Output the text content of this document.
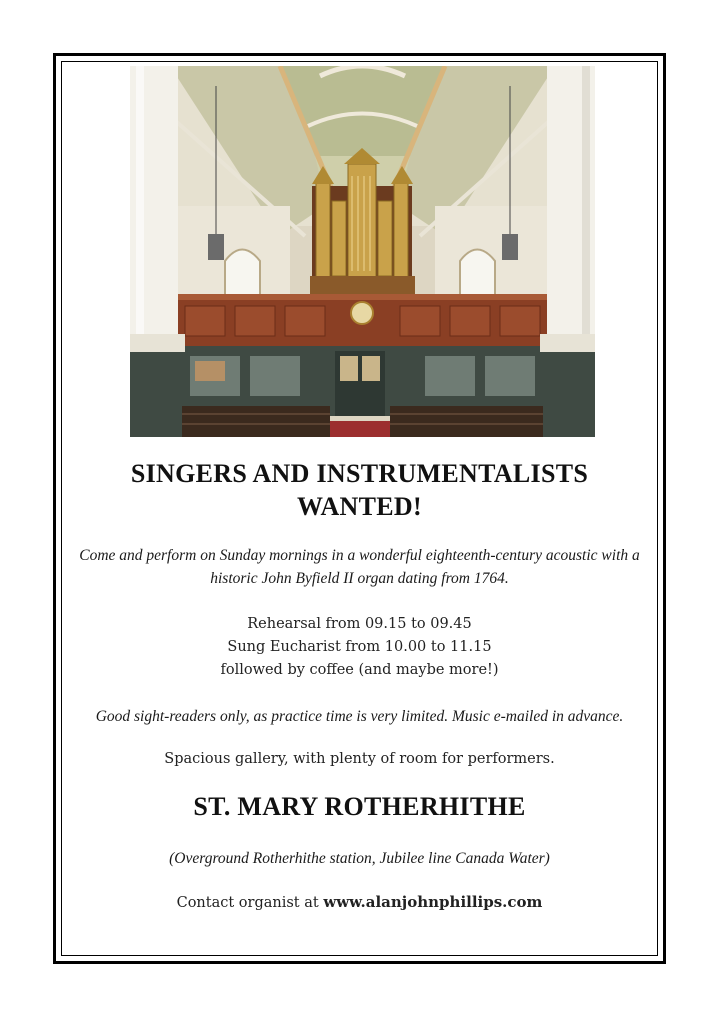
SINGERS AND INSTRUMENTALISTS
WANTED!
Come and perform on Sunday mornings in a wonderful eighteenth-century acoustic with a
historic John Byfield II organ dating from 1764.
Rehearsal from 09.15 to 09.45
Sung Eucharist from 10.00 to 11.15
followed by coffee (and maybe more!)
Good sight-readers only, as practice time is very limited. Music e-mailed in advance.
Spacious gallery, with plenty of room for performers.
ST. MARY ROTHERHITHE
(Overground Rotherhithe station, Jubilee line Canada Water)
Contact organist at www.alanjohnphillips.com
